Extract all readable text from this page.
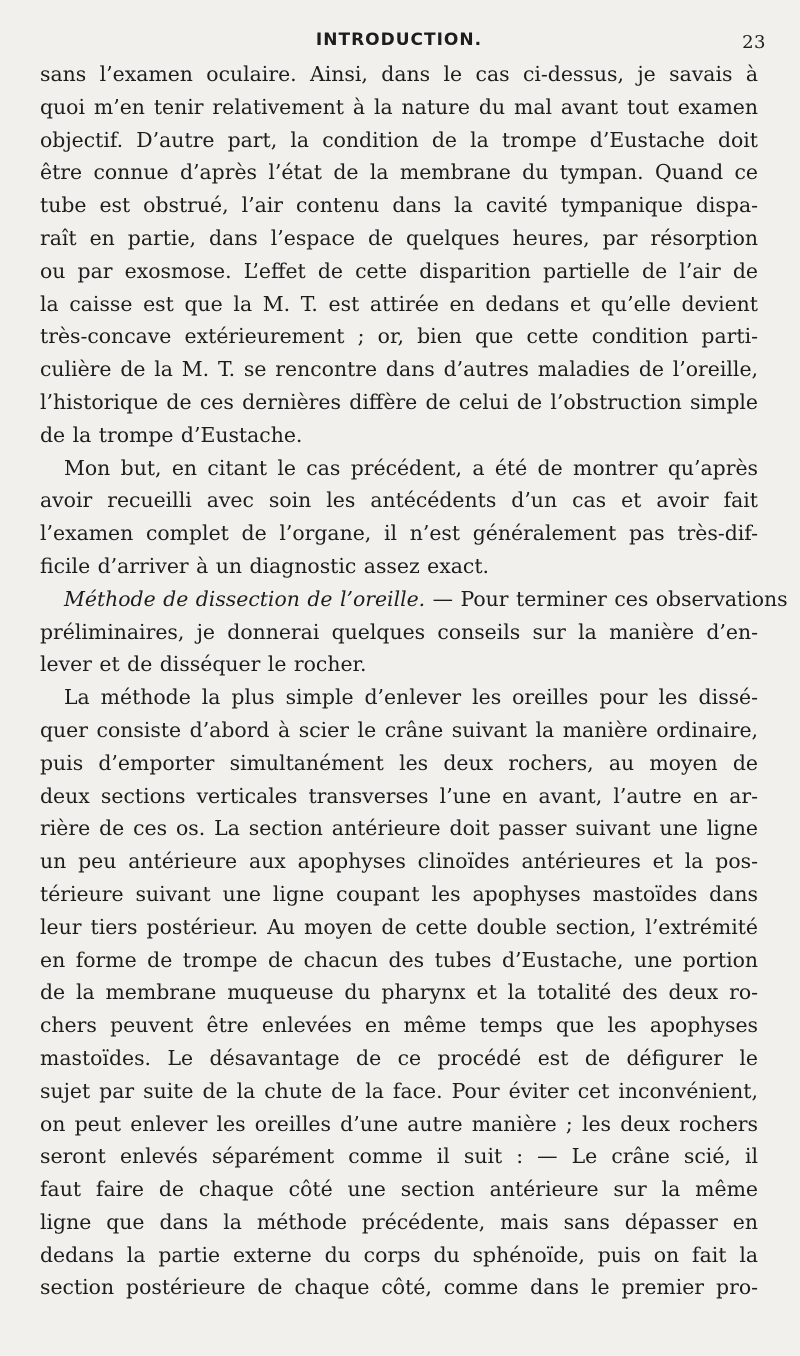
INTRODUCTION.	23

sans l’examen oculaire. Ainsi, dans le cas ci-dessus, je savais à
quoi m’en tenir relativement à la nature du mal avant tout examen
objectif. D’autre part, la condition de la trompe d’Eustache doit
être connue d’après l’état de la membrane du tympan. Quand ce
tube est obstrué, l’air contenu dans la cavité tympanique dispa-
raît en partie, dans l’espace de quelques heures, par résorption
ou par exosmose. L’effet de cette disparition partielle de l’air de
la caisse est que la M. T. est attirée en dedans et qu’elle devient
très-concave extérieurement ; or, bien que cette condition parti-
culière de la M. T. se rencontre dans d’autres maladies de l’oreille,
l’historique de ces dernières diffère de celui de l’obstruction simple
de la trompe d’Eustache.

Mon but, en citant le cas précédent, a été de montrer qu’après
avoir recueilli avec soin les antécédents d’un cas et avoir fait
l’examen complet de l’organe, il n’est généralement pas très-dif-
ficile d’arriver à un diagnostic assez exact.

Méthode de dissection de l’oreille. — Pour terminer ces observations
préliminaires, je donnerai quelques conseils sur la manière d’en-
lever et de disséquer le rocher.

La méthode la plus simple d’enlever les oreilles pour les dissé-
quer consiste d’abord à scier le crâne suivant la manière ordinaire,
puis d’emporter simultanément les deux rochers, au moyen de
deux sections verticales transverses l’une en avant, l’autre en ar-
rière de ces os. La section antérieure doit passer suivant une ligne
un peu antérieure aux apophyses clinoïdes antérieures et la pos-
térieure suivant une ligne coupant les apophyses mastoïdes dans
leur tiers postérieur. Au moyen de cette double section, l’extrémité
en forme de trompe de chacun des tubes d’Eustache, une portion
de la membrane muqueuse du pharynx et la totalité des deux ro-
chers peuvent être enlevées en même temps que les apophyses
mastoïdes. Le désavantage de ce procédé est de défigurer le
sujet par suite de la chute de la face. Pour éviter cet inconvénient,
on peut enlever les oreilles d’une autre manière ; les deux rochers
seront enlevés séparément comme il suit : — Le crâne scié, il
faut faire de chaque côté une section antérieure sur la même
ligne que dans la méthode précédente, mais sans dépasser en
dedans la partie externe du corps du sphénoïde, puis on fait la
section postérieure de chaque côté, comme dans le premier pro-
